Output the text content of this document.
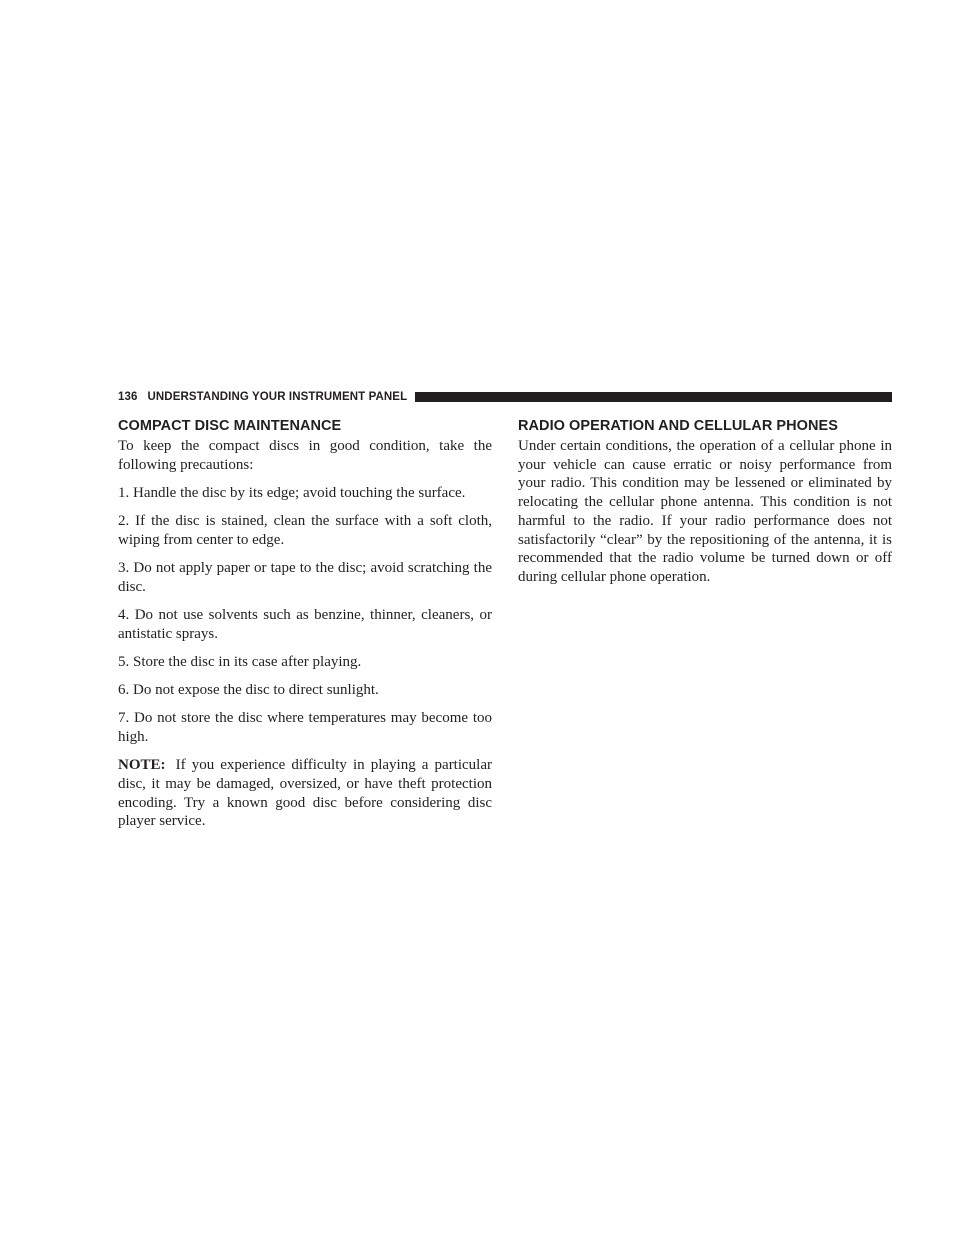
136 UNDERSTANDING YOUR INSTRUMENT PANEL
COMPACT DISC MAINTENANCE

To keep the compact discs in good condition, take the following precautions:

1. Handle the disc by its edge; avoid touching the surface.

2. If the disc is stained, clean the surface with a soft cloth, wiping from center to edge.

3. Do not apply paper or tape to the disc; avoid scratching the disc.

4. Do not use solvents such as benzine, thinner, cleaners, or antistatic sprays.

5. Store the disc in its case after playing.

6. Do not expose the disc to direct sunlight.

7. Do not store the disc where temperatures may become too high.

NOTE: If you experience difficulty in playing a particular disc, it may be damaged, oversized, or have theft protection encoding. Try a known good disc before considering disc player service.

RADIO OPERATION AND CELLULAR PHONES

Under certain conditions, the operation of a cellular phone in your vehicle can cause erratic or noisy performance from your radio. This condition may be lessened or eliminated by relocating the cellular phone antenna. This condition is not harmful to the radio. If your radio performance does not satisfactorily “clear” by the repositioning of the antenna, it is recommended that the radio volume be turned down or off during cellular phone operation.
